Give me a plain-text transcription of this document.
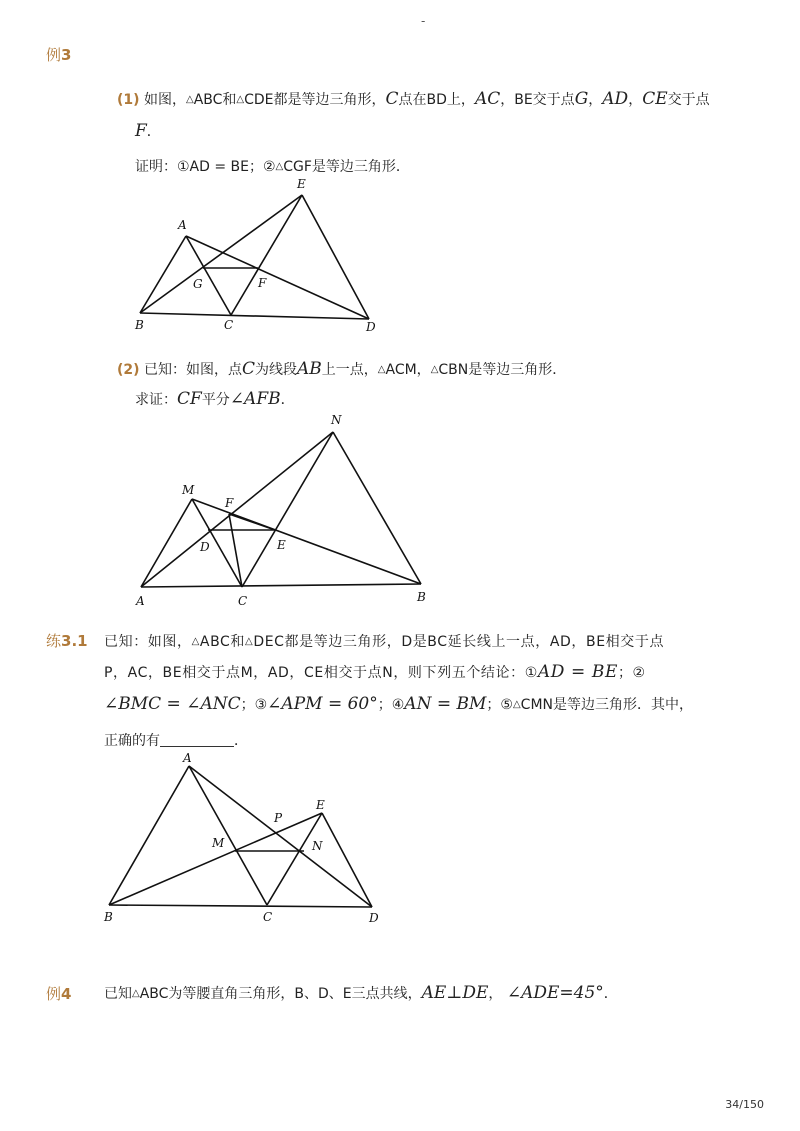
-
例3
(1) 如图，△ABC和△CDE都是等边三角形，C点在BD上，AC，BE交于点G，AD，CE交于点
F．
证明：①AD = BE；②△CGF是等边三角形．
A
B	C	D
E
F
G
M
N
F
D	E
A	C	B
A
B	C	D
E
M	N
P
(2) 已知：如图，点C为线段AB上一点，△ACM，△CBN是等边三角形．
求证：CF平分∠AFB．
练3.1 已知：如图，△ABC和△DEC都是等边三角形，D是BC延长线上一点，AD，BE相交于点
P，AC，BE相交于点M，AD，CE相交于点N，则下列五个结论：①AD = BE；②
∠BMC = ∠ANC；③∠APM = 60°；④AN = BM；⑤△CMN是等边三角形．其中，
正确的有	．
例4 已知△ABC为等腰直角三角形，B、D、E三点共线，AE⊥DE， ∠ADE=45°．
34/150
